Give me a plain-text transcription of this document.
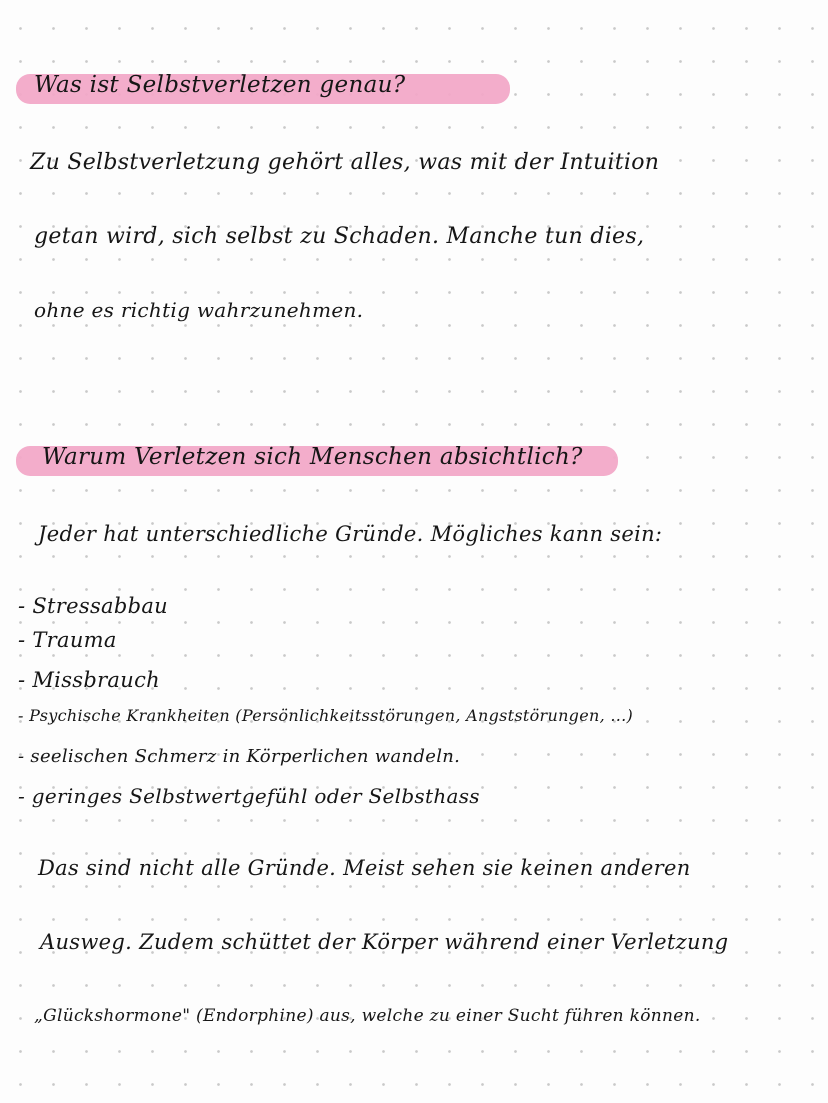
Was ist Selbstverletzen genau?
Zu Selbstverletzung gehört alles, was mit der Intuition
getan wird, sich selbst zu Schaden. Manche tun dies,
ohne es richtig wahrzunehmen.
Warum Verletzen sich Menschen absichtlich?
Jeder hat unterschiedliche Gründe. Mögliches kann sein:
- Stressabbau
- Trauma
- Missbrauch
- Psychische Krankheiten (Persönlichkeitsstörungen, Angststörungen, ...)
- seelischen Schmerz in Körperlichen wandeln.
- geringes Selbstwertgefühl oder Selbsthass
Das sind nicht alle Gründe. Meist sehen sie keinen anderen
Ausweg. Zudem schüttet der Körper während einer Verletzung
„Glückshormone" (Endorphine) aus, welche zu einer Sucht führen können.
